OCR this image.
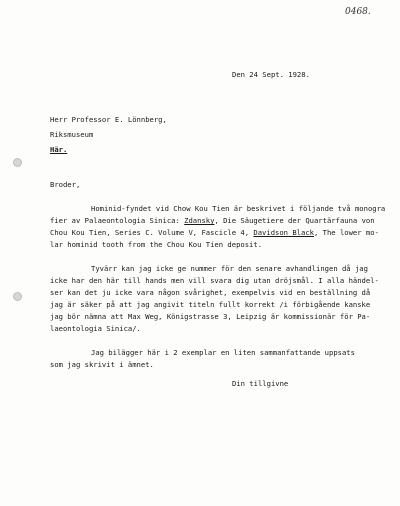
0468.
Den 24 Sept. 1928.
Herr Professor E. Lönnberg,
Riksmuseum
Här.
Broder,
Hominid-fyndet vid Chow Kou Tien är beskrivet i följande två monogra
fier av Palaeontologia Sinica: Zdansky, Die Säugetiere der Quartärfauna von
Chou Kou Tien, Series C. Volume V, Fascicle 4, Davidson Black, The lower mo-
lar hominid tooth from the Chou Kou Tien deposit.
Tyvärr kan jag icke ge nummer för den senare avhandlingen då jag
icke har den här till hands men vill svara dig utan dröjsmål. I alla händel-
ser kan det ju icke vara någon svårighet, exempelvis vid en beställning då
jag är säker på att jag angivit titeln fullt korrekt /i förbigående kanske
jag bör nämna att Max Weg, Königstrasse 3, Leipzig är kommissionär för Pa-
laeontologia Sinica/.
Jag bilägger här i 2 exemplar en liten sammanfattande uppsats
som jag skrivit i ämnet.
Din tillgivne
